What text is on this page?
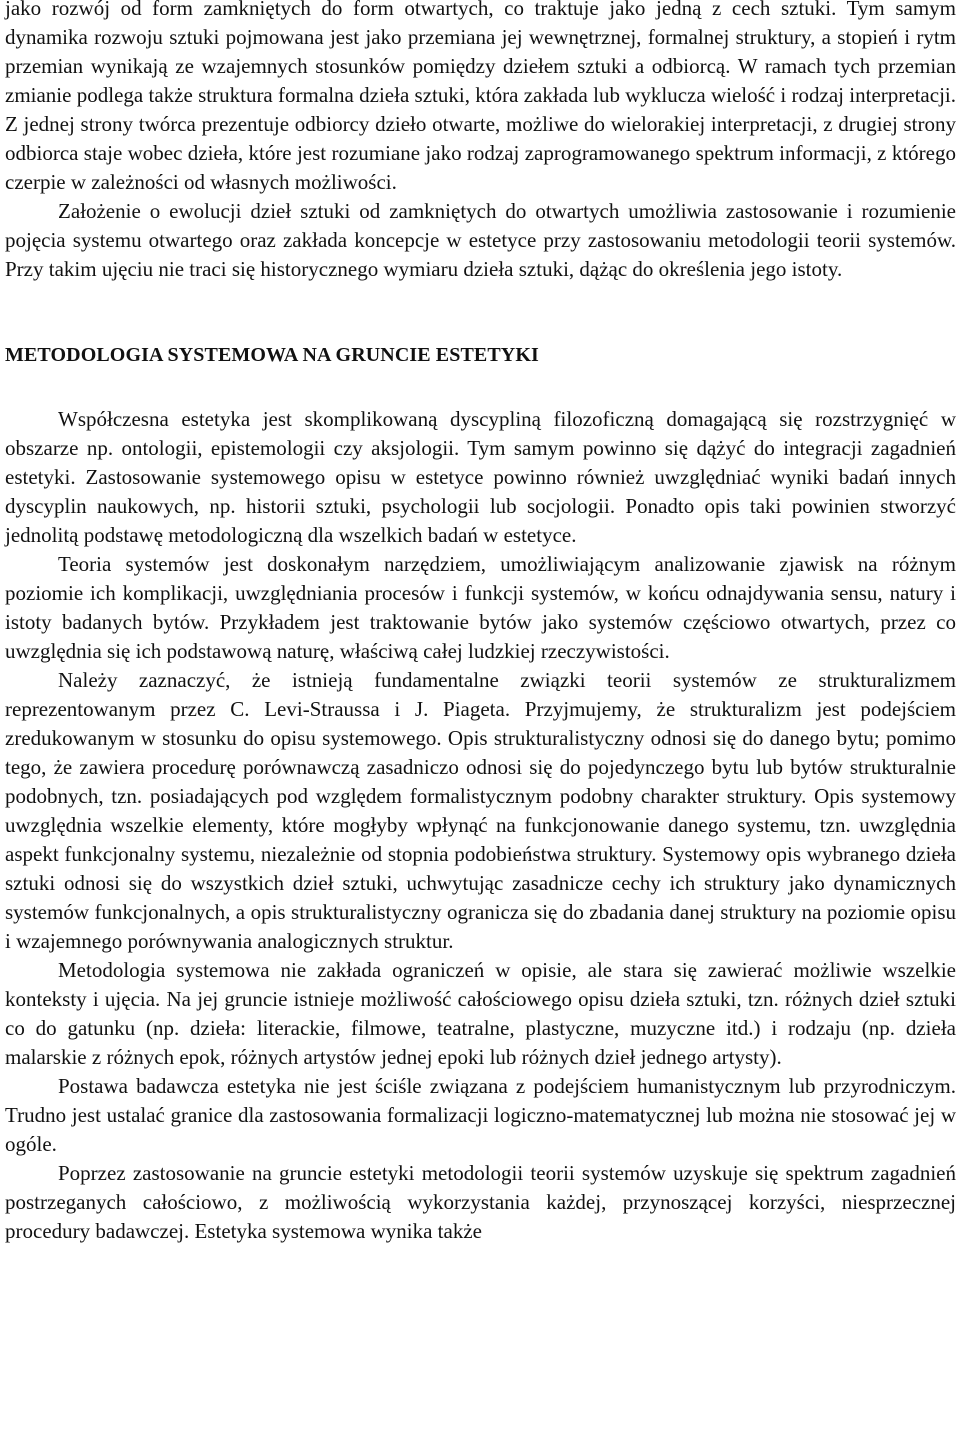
jako rozwój od form zamkniętych do form otwartych, co traktuje jako jedną z cech sztuki. Tym samym dynamika rozwoju sztuki pojmowana jest jako przemiana jej wewnętrznej, formalnej struktury, a stopień i rytm przemian wynikają ze wzajemnych stosunków pomiędzy dziełem sztuki a odbiorcą. W ramach tych przemian zmianie podlega także struktura formalna dzieła sztuki, która zakłada lub wyklucza wielość i rodzaj interpretacji. Z jednej strony twórca prezentuje odbiorcy dzieło otwarte, możliwe do wielorakiej interpretacji, z drugiej strony odbiorca staje wobec dzieła, które jest rozumiane jako rodzaj zaprogramowanego spektrum informacji, z którego czerpie w zależności od własnych możliwości.

Założenie o ewolucji dzieł sztuki od zamkniętych do otwartych umożliwia zastosowanie i rozumienie pojęcia systemu otwartego oraz zakłada koncepcje w estetyce przy zastosowaniu metodologii teorii systemów. Przy takim ujęciu nie traci się historycznego wymiaru dzieła sztuki, dążąc do określenia jego istoty.

METODOLOGIA SYSTEMOWA NA GRUNCIE ESTETYKI

Współczesna estetyka jest skomplikowaną dyscypliną filozoficzną domagającą się rozstrzygnięć w obszarze np. ontologii, epistemologii czy aksjologii. Tym samym powinno się dążyć do integracji zagadnień estetyki. Zastosowanie systemowego opisu w estetyce powinno również uwzględniać wyniki badań innych dyscyplin naukowych, np. historii sztuki, psychologii lub socjologii. Ponadto opis taki powinien stworzyć jednolitą podstawę metodologiczną dla wszelkich badań w estetyce.

Teoria systemów jest doskonałym narzędziem, umożliwiającym analizowanie zjawisk na różnym poziomie ich komplikacji, uwzględniania procesów i funkcji systemów, w końcu odnajdywania sensu, natury i istoty badanych bytów. Przykładem jest traktowanie bytów jako systemów częściowo otwartych, przez co uwzględnia się ich podstawową naturę, właściwą całej ludzkiej rzeczywistości.

Należy zaznaczyć, że istnieją fundamentalne związki teorii systemów ze strukturalizmem reprezentowanym przez C. Levi-Straussa i J. Piageta. Przyjmujemy, że strukturalizm jest podejściem zredukowanym w stosunku do opisu systemowego. Opis strukturalistyczny odnosi się do danego bytu; pomimo tego, że zawiera procedurę porównawczą zasadniczo odnosi się do pojedynczego bytu lub bytów strukturalnie podobnych, tzn. posiadających pod względem formalistycznym podobny charakter struktury. Opis systemowy uwzględnia wszelkie elementy, które mogłyby wpłynąć na funkcjonowanie danego systemu, tzn. uwzględnia aspekt funkcjonalny systemu, niezależnie od stopnia podobieństwa struktury. Systemowy opis wybranego dzieła sztuki odnosi się do wszystkich dzieł sztuki, uchwytując zasadnicze cechy ich struktury jako dynamicznych systemów funkcjonalnych, a opis strukturalistyczny ogranicza się do zbadania danej struktury na poziomie opisu i wzajemnego porównywania analogicznych struktur.

Metodologia systemowa nie zakłada ograniczeń w opisie, ale stara się zawierać możliwie wszelkie konteksty i ujęcia. Na jej gruncie istnieje możliwość całościowego opisu dzieła sztuki, tzn. różnych dzieł sztuki co do gatunku (np. dzieła: literackie, filmowe, teatralne, plastyczne, muzyczne itd.) i rodzaju (np. dzieła malarskie z różnych epok, różnych artystów jednej epoki lub różnych dzieł jednego artysty).

Postawa badawcza estetyka nie jest ściśle związana z podejściem humanistycznym lub przyrodniczym. Trudno jest ustalać granice dla zastosowania formalizacji logiczno-matematycznej lub można nie stosować jej w ogóle.

Poprzez zastosowanie na gruncie estetyki metodologii teorii systemów uzyskuje się spektrum zagadnień postrzeganych całościowo, z możliwością wykorzystania każdej, przynoszącej korzyści, niesprzecznej procedury badawczej. Estetyka systemowa wynika także
